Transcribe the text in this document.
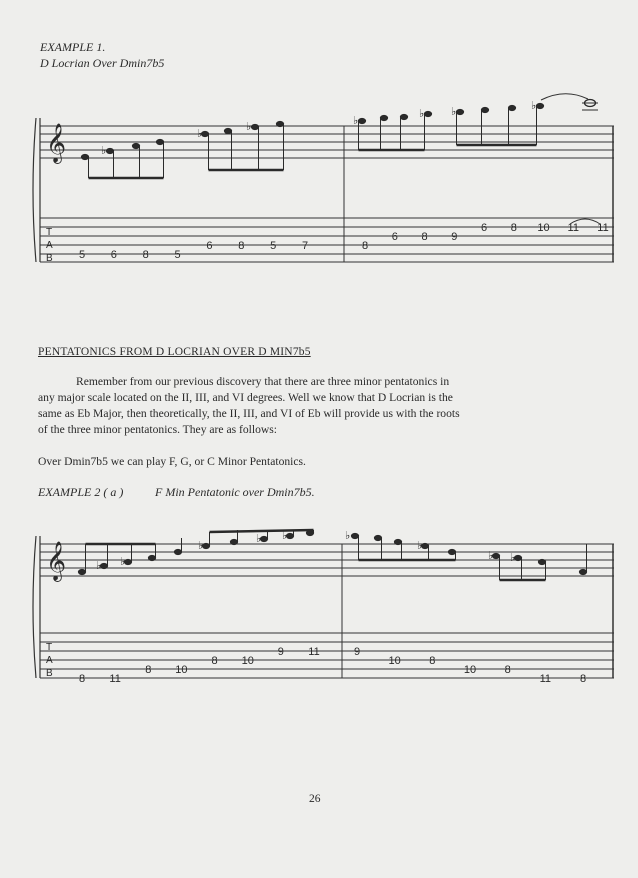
EXAMPLE 1.
D Locrian Over Dmin7b5
𝄞	♭
♭
♭	♭
♭ ♭	♭
T
A
B 5 6 8 5
6 8 5 7	8
6 8 9
6 8 10 11 11
PENTATONICS FROM D LOCRIAN OVER D MIN7b5
Remember from our previous discovery that there are three minor pentatonics in
any major scale located on the II, III, and VI degrees. Well we know that D Locrian is the
same as Eb Major, then theoretically, the II, III, and VI of Eb will provide us with the roots
of the three minor pentatonics. They are as follows:
Over Dmin7b5 we can play F, G, or C Minor Pentatonics.
EXAMPLE 2 ( a )	F Min Pentatonic over Dmin7b5.
𝄞	♭ ♭
♭
♭ ♭	♭
♭
♭ ♭
T
A
B 8 11
8 10
8 10
9 11	9
10	8
10	8
11	8
26
